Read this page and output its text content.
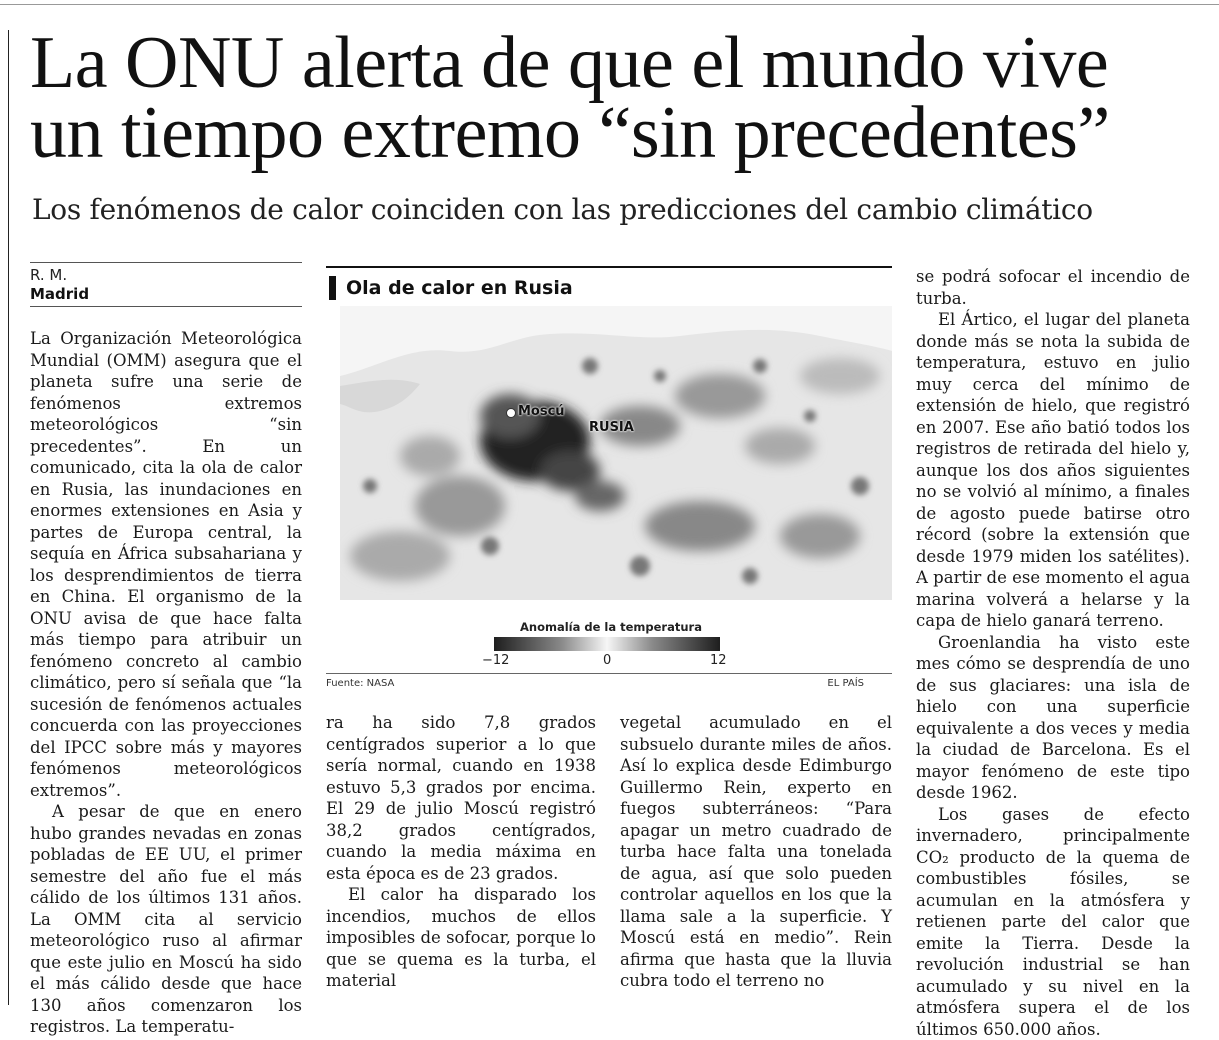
La ONU alerta de que el mundo vive
un tiempo extremo “sin precedentes”
Los fenómenos de calor coinciden con las predicciones del cambio climático
R. M.
Madrid

La Organización Meteorológica Mundial (OMM) asegura que el planeta sufre una serie de fenómenos extremos meteorológicos “sin precedentes”. En un comunicado, cita la ola de calor en Rusia, las inundaciones en enormes extensiones en Asia y partes de Europa central, la sequía en África subsahariana y los desprendimientos de tierra en China. El organismo de la ONU avisa de que hace falta más tiempo para atribuir un fenómeno concreto al cambio climático, pero sí señala que “la sucesión de fenómenos actuales concuerda con las proyecciones del IPCC sobre más y mayores fenómenos meteorológicos extremos”.

A pesar de que en enero hubo grandes nevadas en zonas pobladas de EE UU, el primer semestre del año fue el más cálido de los últimos 131 años. La OMM cita al servicio meteorológico ruso al afirmar que este julio en Moscú ha sido el más cálido desde que hace 130 años comenzaron los registros. La temperatu-

Ola de calor en Rusia
Moscú
RUSIA
Anomalía de la temperatura
−12	0	12
Fuente: NASA	EL PAÍS

ra ha sido 7,8 grados centígrados superior a lo que sería normal, cuando en 1938 estuvo 5,3 grados por encima. El 29 de julio Moscú registró 38,2 grados centígrados, cuando la media máxima en esta época es de 23 grados.

El calor ha disparado los incendios, muchos de ellos imposibles de sofocar, porque lo que se quema es la turba, el material

vegetal acumulado en el subsuelo durante miles de años. Así lo explica desde Edimburgo Guillermo Rein, experto en fuegos subterráneos: “Para apagar un metro cuadrado de turba hace falta una tonelada de agua, así que solo pueden controlar aquellos en los que la llama sale a la superficie. Y Moscú está en medio”. Rein afirma que hasta que la lluvia cubra todo el terreno no

se podrá sofocar el incendio de turba.

El Ártico, el lugar del planeta donde más se nota la subida de temperatura, estuvo en julio muy cerca del mínimo de extensión de hielo, que registró en 2007. Ese año batió todos los registros de retirada del hielo y, aunque los dos años siguientes no se volvió al mínimo, a finales de agosto puede batirse otro récord (sobre la extensión que desde 1979 miden los satélites). A partir de ese momento el agua marina volverá a helarse y la capa de hielo ganará terreno.

Groenlandia ha visto este mes cómo se desprendía de uno de sus glaciares: una isla de hielo con una superficie equivalente a dos veces y media la ciudad de Barcelona. Es el mayor fenómeno de este tipo desde 1962.

Los gases de efecto invernadero, principalmente CO₂ producto de la quema de combustibles fósiles, se acumulan en la atmósfera y retienen parte del calor que emite la Tierra. Desde la revolución industrial se han acumulado y su nivel en la atmósfera supera el de los últimos 650.000 años.
